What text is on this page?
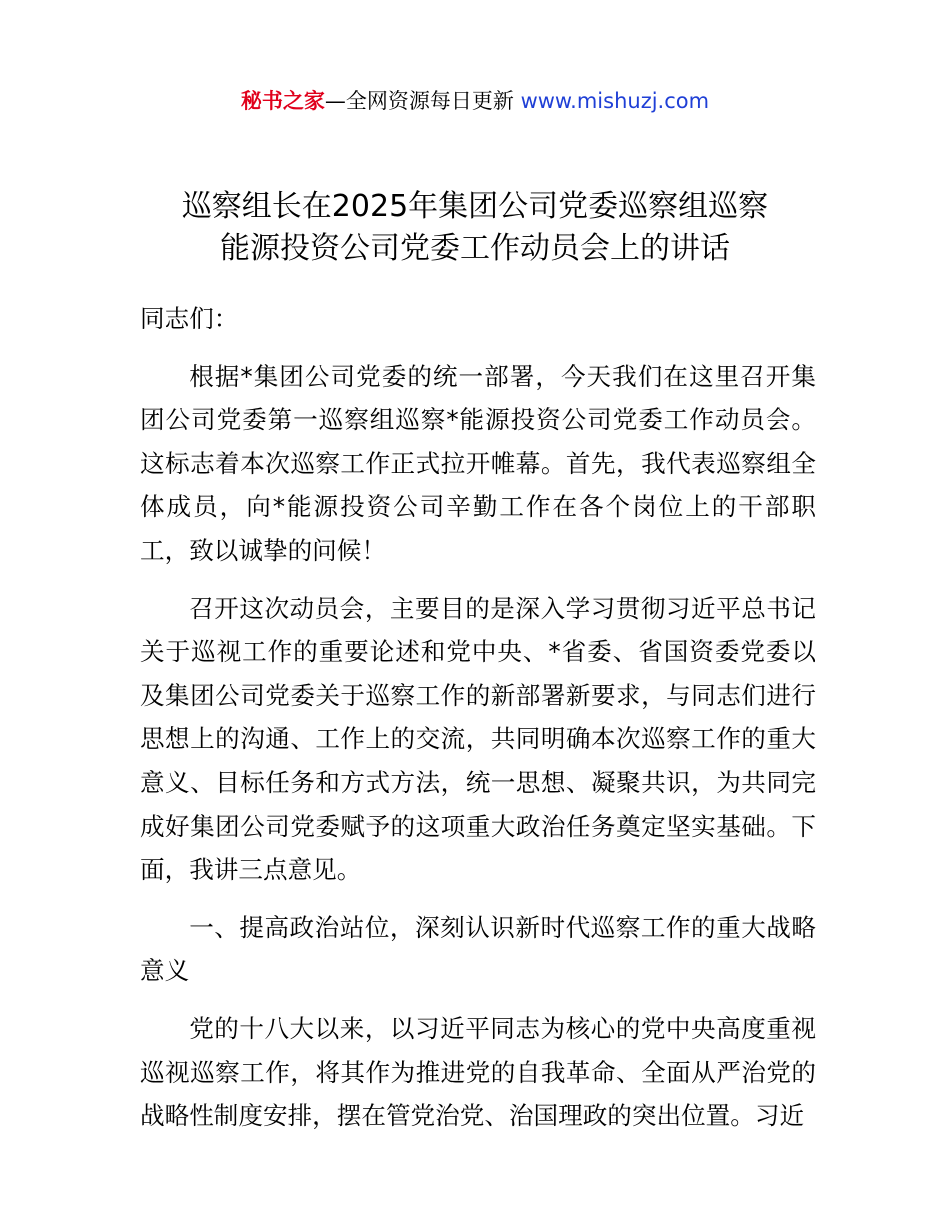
秘书之家—全网资源每日更新 www.mishuzj.com
巡察组长在2025年集团公司党委巡察组巡察
能源投资公司党委工作动员会上的讲话

同志们：

根据*集团公司党委的统一部署，今天我们在这里召开集团公司党委第一巡察组巡察*能源投资公司党委工作动员会。这标志着本次巡察工作正式拉开帷幕。首先，我代表巡察组全体成员，向*能源投资公司辛勤工作在各个岗位上的干部职工，致以诚挚的问候！

召开这次动员会，主要目的是深入学习贯彻习近平总书记关于巡视工作的重要论述和党中央、*省委、省国资委党委以及集团公司党委关于巡察工作的新部署新要求，与同志们进行思想上的沟通、工作上的交流，共同明确本次巡察工作的重大意义、目标任务和方式方法，统一思想、凝聚共识，为共同完成好集团公司党委赋予的这项重大政治任务奠定坚实基础。下面，我讲三点意见。

一、提高政治站位，深刻认识新时代巡察工作的重大战略意义

党的十八大以来，以习近平同志为核心的党中央高度重视巡视巡察工作，将其作为推进党的自我革命、全面从严治党的战略性制度安排，摆在管党治党、治国理政的突出位置。习近
